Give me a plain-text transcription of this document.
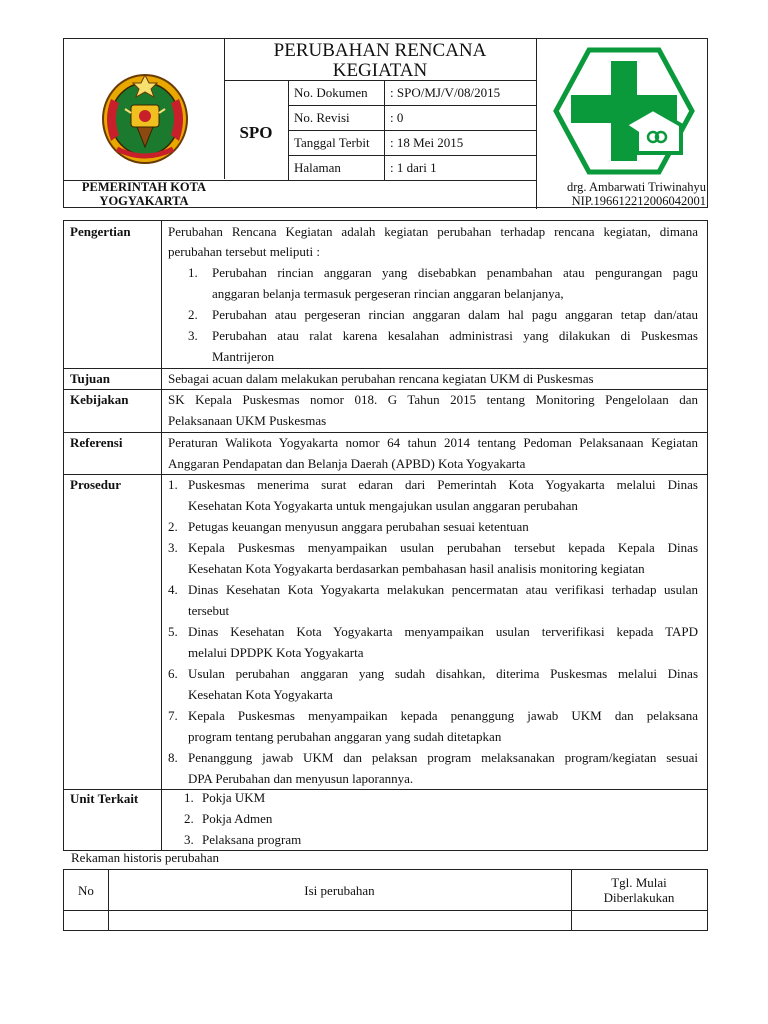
PERUBAHAN RENCANA
KEGIATAN
SPO
No. Dokumen : SPO/MJ/V/08/2015
No. Revisi	: 0
Tanggal Terbit : 18 Mei 2015
Halaman	: 1 dari 1
PEMERINTAH KOTA
YOGYAKARTA
drg. Ambarwati Triwinahyu
NIP.196612212006042001
Pengertian	Perubahan Rencana Kegiatan adalah kegiatan perubahan terhadap rencana kegiatan, dimana
perubahan tersebut meliputi :
1.	Perubahan rincian anggaran yang disebabkan penambahan atau pengurangan pagu
anggaran belanja termasuk pergeseran rincian anggaran belanjanya,
2.	Perubahan atau pergeseran rincian anggaran dalam hal pagu anggaran tetap dan/atau
3.	Perubahan atau ralat karena kesalahan administrasi yang dilakukan di Puskesmas
Mantrijeron
Tujuan	Sebagai acuan dalam melakukan perubahan rencana kegiatan UKM di Puskesmas
Kebijakan	SK Kepala Puskesmas nomor 018. G Tahun 2015 tentang Monitoring Pengelolaan dan
Pelaksanaan UKM Puskesmas
Referensi	Peraturan Walikota Yogyakarta nomor 64 tahun 2014 tentang Pedoman Pelaksanaan Kegiatan
Anggaran Pendapatan dan Belanja Daerah (APBD) Kota Yogyakarta
Prosedur	1. Puskesmas menerima surat edaran dari Pemerintah Kota Yogyakarta melalui Dinas
Kesehatan Kota Yogyakarta untuk mengajukan usulan anggaran perubahan
2. Petugas keuangan menyusun anggara perubahan sesuai ketentuan
3. Kepala Puskesmas menyampaikan usulan perubahan tersebut kepada Kepala Dinas
Kesehatan Kota Yogyakarta berdasarkan pembahasan hasil analisis monitoring kegiatan
4. Dinas Kesehatan Kota Yogyakarta melakukan pencermatan atau verifikasi terhadap usulan
tersebut
5. Dinas Kesehatan Kota Yogyakarta menyampaikan usulan terverifikasi kepada TAPD
melalui DPDPK Kota Yogyakarta
6. Usulan perubahan anggaran yang sudah disahkan, diterima Puskesmas melalui Dinas
Kesehatan Kota Yogyakarta
7. Kepala Puskesmas menyampaikan kepada penanggung jawab UKM dan pelaksana
program tentang perubahan anggaran yang sudah ditetapkan
8. Penanggung jawab UKM dan pelaksan program melaksanakan program/kegiatan sesuai
DPA Perubahan dan menyusun laporannya.
Unit Terkait	1. Pokja UKM
2. Pokja Admen
3. Pelaksana program
Rekaman historis perubahan
No	Isi perubahan
Tgl. Mulai
Diberlakukan
